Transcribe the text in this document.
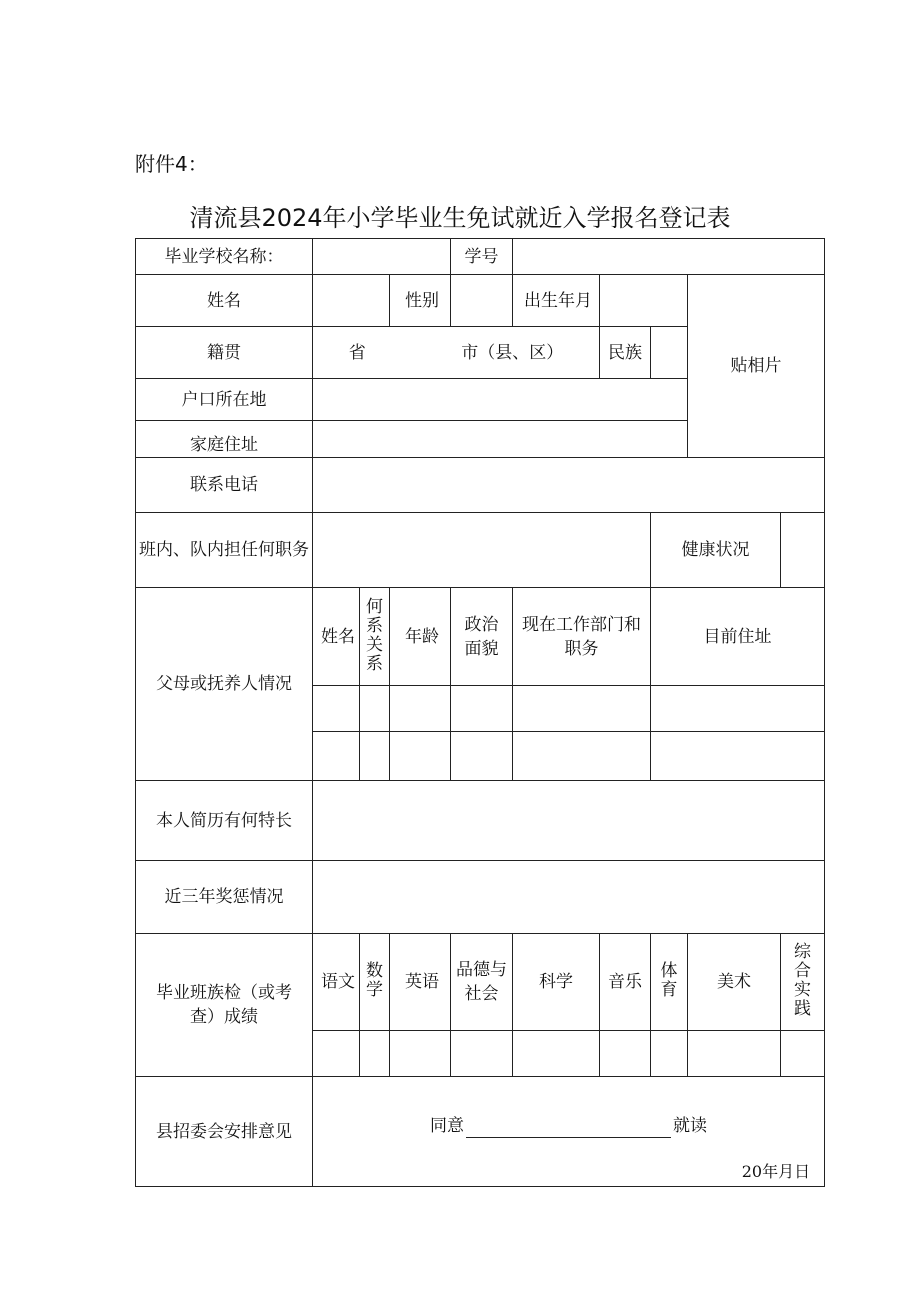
附件4：
清流县2024年小学毕业生免试就近入学报名登记表
毕业学校名称：				学号					
姓名			性别		出生年月			贴相片	
籍贯	省 市（县、区）					民族			
户口所在地									
家庭住址									
联系电话									
班内、队内担任何职务							健康状况		
父母或抚养人情况	姓名	何系关系	年龄	政治面貌	现在工作部门和职务		目前住址		

本人简历有何特长									
近三年奖惩情况									
毕业班族检（或考查）成绩	语文	数学	英语	品德与社会	科学	音乐	体育	美术	综合实践

县招委会安排意见	同意 就读
20年月日								
